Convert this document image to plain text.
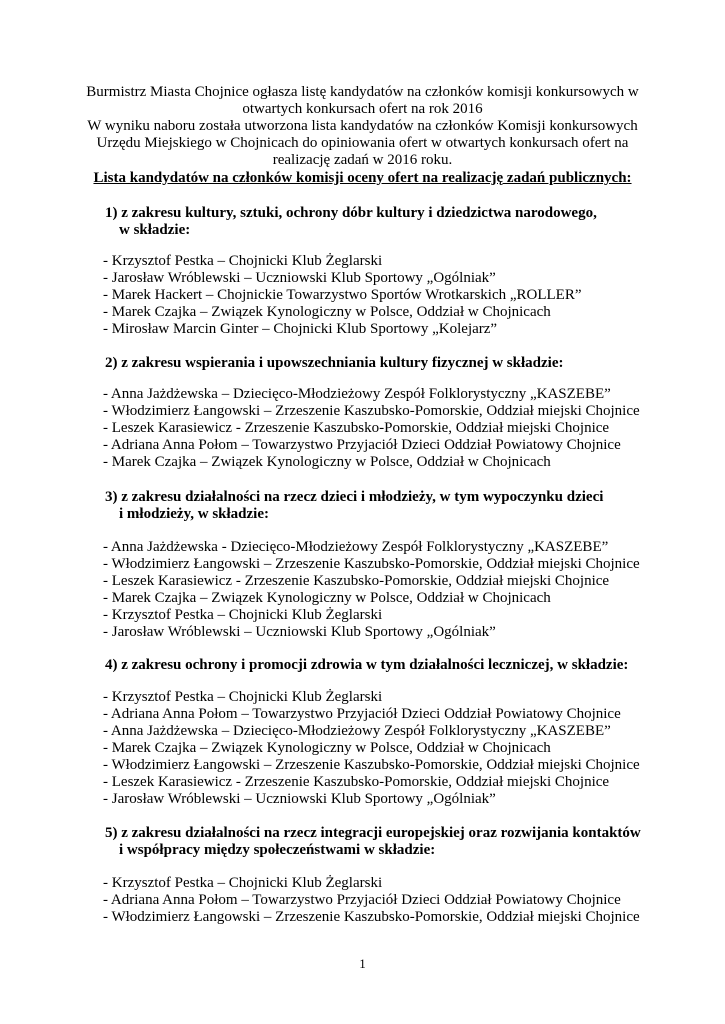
Burmistrz Miasta Chojnice ogłasza listę kandydatów na członków komisji konkursowych w
otwartych konkursach ofert na rok 2016
W wyniku naboru została utworzona lista kandydatów na członków Komisji konkursowych
Urzędu Miejskiego w Chojnicach do opiniowania ofert w otwartych konkursach ofert na
realizację zadań w 2016 roku.
Lista kandydatów na członków komisji oceny ofert na realizację zadań publicznych:
1) z zakresu kultury, sztuki, ochrony dóbr kultury i dziedzictwa narodowego,
w składzie:
- Krzysztof Pestka – Chojnicki Klub Żeglarski
- Jarosław Wróblewski – Uczniowski Klub Sportowy „Ogólniak”
- Marek Hackert – Chojnickie Towarzystwo Sportów Wrotkarskich „ROLLER”
- Marek Czajka – Związek Kynologiczny w Polsce, Oddział w Chojnicach
- Mirosław Marcin Ginter – Chojnicki Klub Sportowy „Kolejarz”
2) z zakresu wspierania i upowszechniania kultury fizycznej w składzie:
- Anna Jażdżewska – Dziecięco-Młodzieżowy Zespół Folklorystyczny „KASZEBE”
- Włodzimierz Łangowski – Zrzeszenie Kaszubsko-Pomorskie, Oddział miejski Chojnice
- Leszek Karasiewicz - Zrzeszenie Kaszubsko-Pomorskie, Oddział miejski Chojnice
- Adriana Anna Połom – Towarzystwo Przyjaciół Dzieci Oddział Powiatowy Chojnice
- Marek Czajka – Związek Kynologiczny w Polsce, Oddział w Chojnicach
3) z zakresu działalności na rzecz dzieci i młodzieży, w tym wypoczynku dzieci
i młodzieży, w składzie:
- Anna Jażdżewska - Dziecięco-Młodzieżowy Zespół Folklorystyczny „KASZEBE”
- Włodzimierz Łangowski – Zrzeszenie Kaszubsko-Pomorskie, Oddział miejski Chojnice
- Leszek Karasiewicz - Zrzeszenie Kaszubsko-Pomorskie, Oddział miejski Chojnice
- Marek Czajka – Związek Kynologiczny w Polsce, Oddział w Chojnicach
- Krzysztof Pestka – Chojnicki Klub Żeglarski
- Jarosław Wróblewski – Uczniowski Klub Sportowy „Ogólniak”
4) z zakresu ochrony i promocji zdrowia w tym działalności leczniczej, w składzie:
- Krzysztof Pestka – Chojnicki Klub Żeglarski
- Adriana Anna Połom – Towarzystwo Przyjaciół Dzieci Oddział Powiatowy Chojnice
- Anna Jażdżewska – Dziecięco-Młodzieżowy Zespół Folklorystyczny „KASZEBE”
- Marek Czajka – Związek Kynologiczny w Polsce, Oddział w Chojnicach
- Włodzimierz Łangowski – Zrzeszenie Kaszubsko-Pomorskie, Oddział miejski Chojnice
- Leszek Karasiewicz - Zrzeszenie Kaszubsko-Pomorskie, Oddział miejski Chojnice
- Jarosław Wróblewski – Uczniowski Klub Sportowy „Ogólniak”
5) z zakresu działalności na rzecz integracji europejskiej oraz rozwijania kontaktów
i współpracy między społeczeństwami w składzie:
- Krzysztof Pestka – Chojnicki Klub Żeglarski
- Adriana Anna Połom – Towarzystwo Przyjaciół Dzieci Oddział Powiatowy Chojnice
- Włodzimierz Łangowski – Zrzeszenie Kaszubsko-Pomorskie, Oddział miejski Chojnice
1
